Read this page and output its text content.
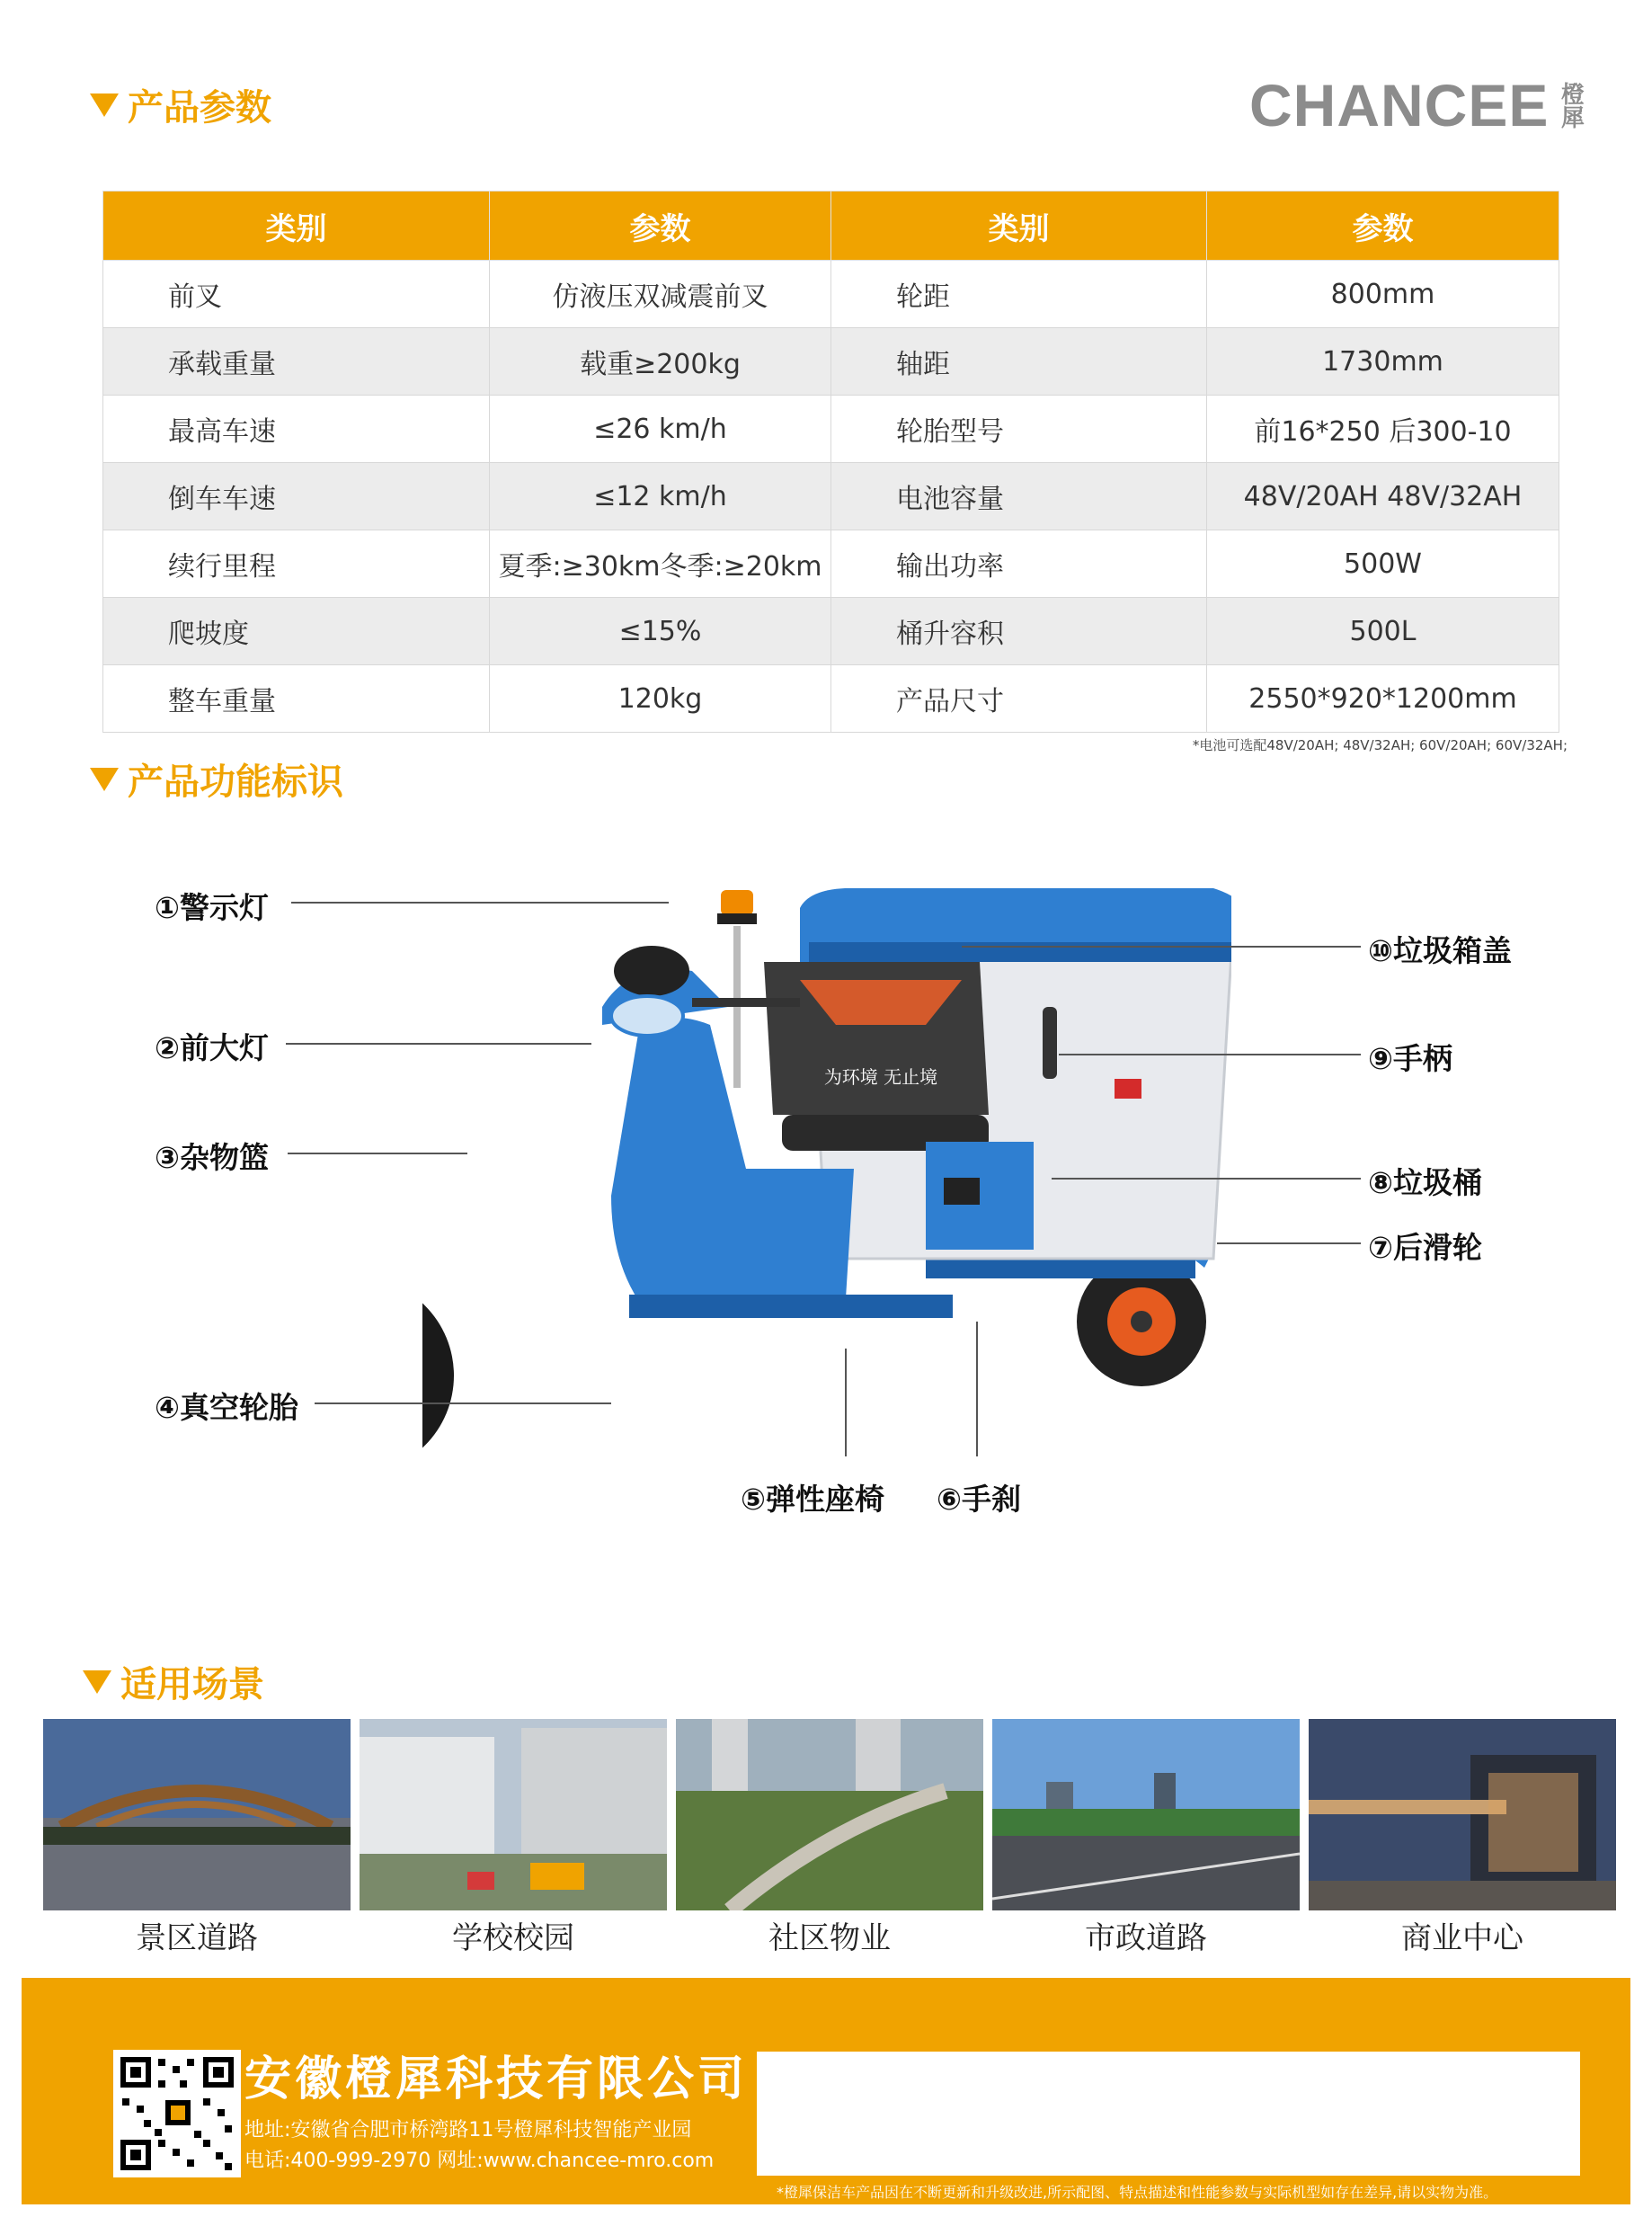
产品参数	CHANCEE 橙犀
类别	参数	类别	参数
前叉	仿液压双减震前叉	轮距	800mm
承载重量	载重≥200kg	轴距	1730mm
最高车速	≤26 km/h	轮胎型号	前16*250 后300-10
倒车车速	≤12 km/h	电池容量	48V/20AH 48V/32AH
续行里程	夏季:≥30km冬季:≥20km	输出功率	500W
爬坡度	≤15%	桶升容积	500L
整车重量	120kg	产品尺寸	2550*920*1200mm
*电池可选配48V/20AH; 48V/32AH; 60V/20AH; 60V/32AH;
产品功能标识
为环境 无止境
①警示灯
②前大灯
③杂物篮
④真空轮胎
⑤弹性座椅 ⑥手刹
⑦后滑轮
⑧垃圾桶
⑨手柄
⑩垃圾箱盖
适用场景
景区道路	学校校园	社区物业	市政道路	商业中心
安徽橙犀科技有限公司
地址:安徽省合肥市桥湾路11号橙犀科技智能产业园
电话:400-999-2970 网址:www.chancee-mro.com
*橙犀保洁车产品因在不断更新和升级改进,所示配图、特点描述和性能参数与实际机型如存在差异,请以实物为准。
